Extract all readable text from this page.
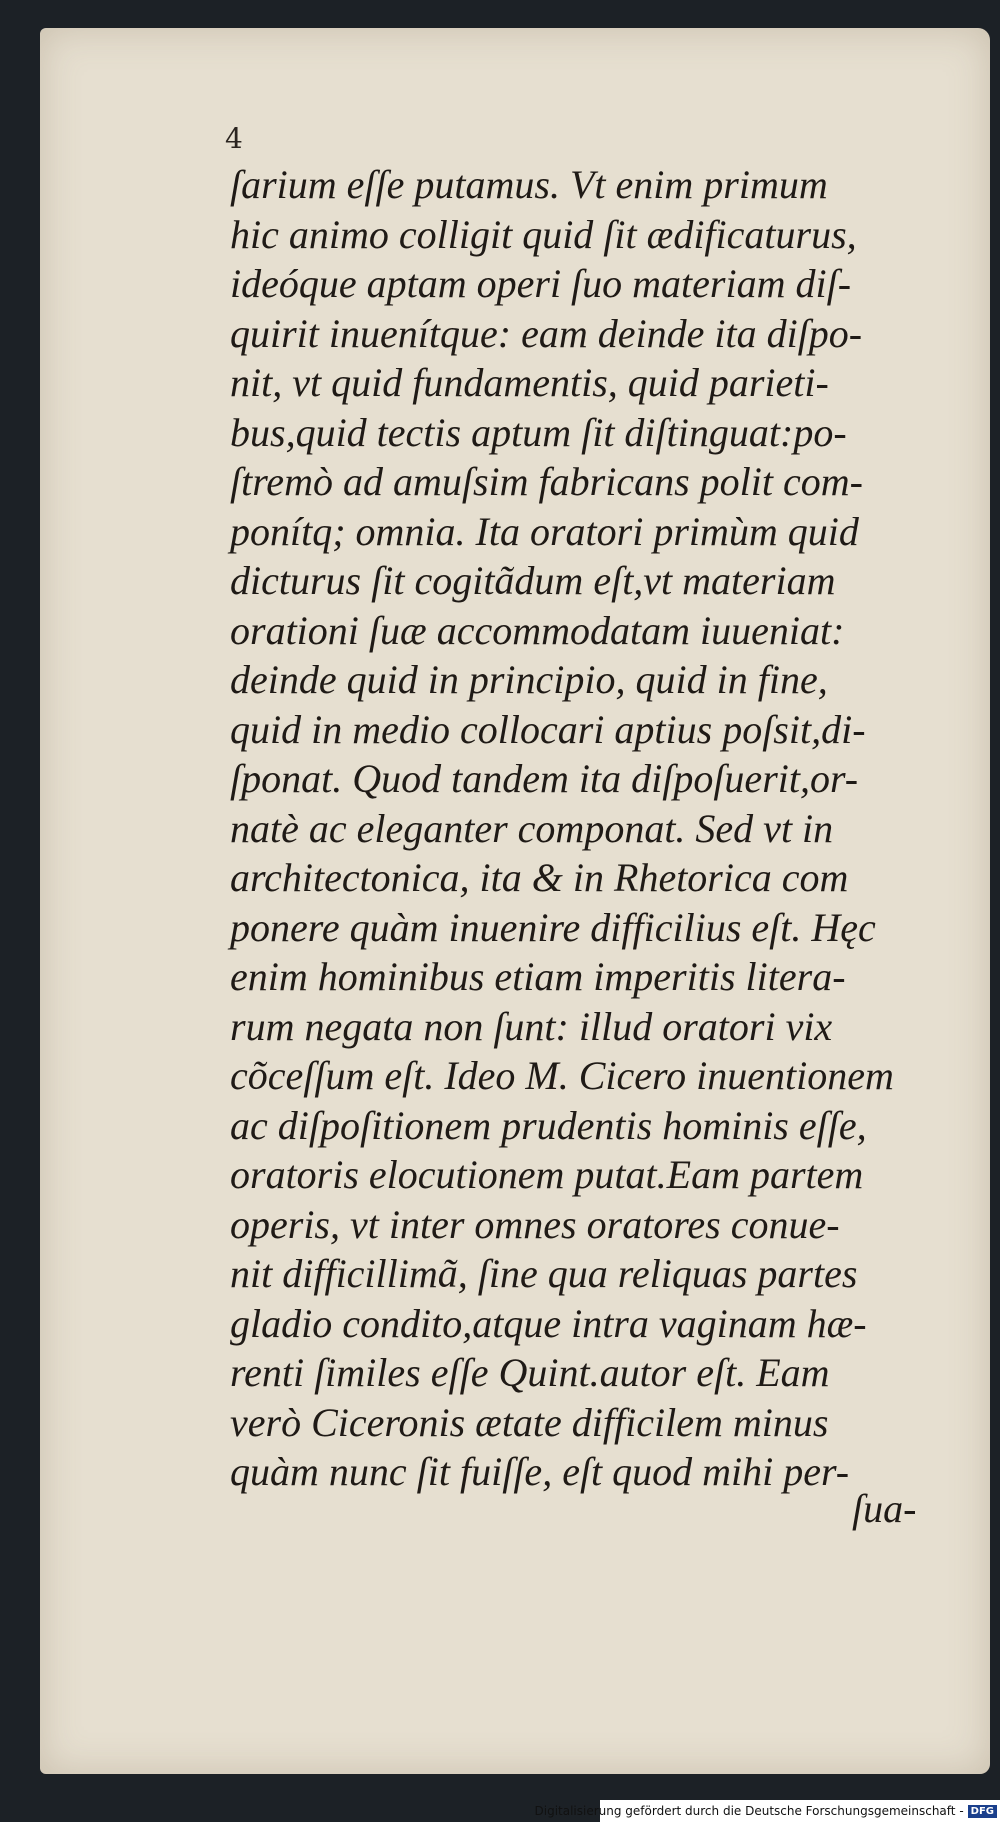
4
ſarium eſſe putamus. Vt enim primum
hic animo colligit quid ſit ædificaturus,
ideóque aptam operi ſuo materiam diſ-
quirit inuenítque: eam deinde ita diſpo-
nit, vt quid fundamentis, quid parieti-
bus,quid tectis aptum ſit diſtinguat:po-
ſtremò ad amuſsim fabricans polit com-
ponítq; omnia. Ita oratori primùm quid
dicturus ſit cogitãdum eſt,vt materiam
orationi ſuæ accommodatam iuueniat:
deinde quid in principio, quid in fine,
quid in medio collocari aptius poſsit,di-
ſponat. Quod tandem ita diſpoſuerit,or-
natè ac eleganter componat. Sed vt in
architectonica, ita & in Rhetorica com
ponere quàm inuenire difficilius eſt. Hęc
enim hominibus etiam imperitis litera-
rum negata non ſunt: illud oratori vix
cõceſſum eſt. Ideo M. Cicero inuentionem
ac diſpoſitionem prudentis hominis eſſe,
oratoris elocutionem putat.Eam partem
operis, vt inter omnes oratores conue-
nit difficillimã, ſine qua reliquas partes
gladio condito,atque intra vaginam hæ-
renti ſimiles eſſe Quint.autor eſt. Eam
verò Ciceronis ætate difficilem minus
quàm nunc ſit fuiſſe, eſt quod mihi per-
ſua-
Digitalisierung gefördert durch die Deutsche Forschungsgemeinschaft - DFG
